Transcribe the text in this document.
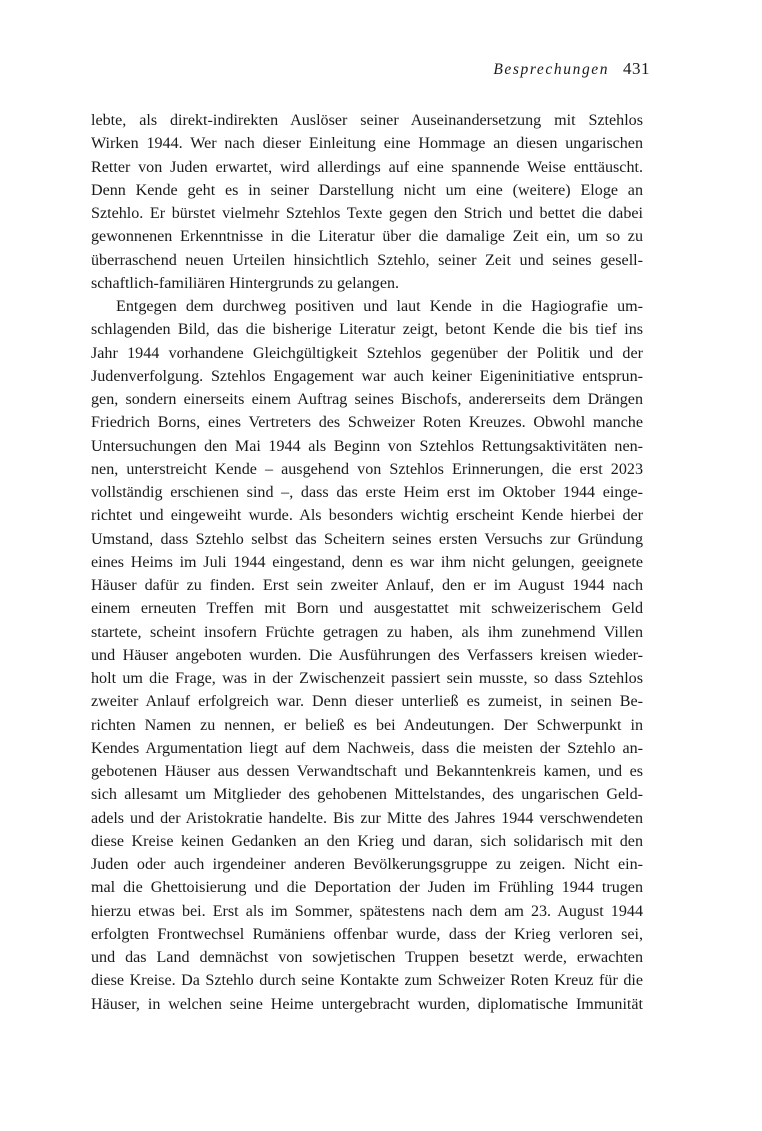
Besprechungen 431
lebte, als direkt-indirekten Auslöser seiner Auseinandersetzung mit Sztehlos
Wirken 1944. Wer nach dieser Einleitung eine Hommage an diesen ungarischen
Retter von Juden erwartet, wird allerdings auf eine spannende Weise enttäuscht.
Denn Kende geht es in seiner Darstellung nicht um eine (weitere) Eloge an
Sztehlo. Er bürstet vielmehr Sztehlos Texte gegen den Strich und bettet die dabei
gewonnenen Erkenntnisse in die Literatur über die damalige Zeit ein, um so zu
überraschend neuen Urteilen hinsichtlich Sztehlo, seiner Zeit und seines gesell-
schaftlich-familiären Hintergrunds zu gelangen.
Entgegen dem durchweg positiven und laut Kende in die Hagiografie um-
schlagenden Bild, das die bisherige Literatur zeigt, betont Kende die bis tief ins
Jahr 1944 vorhandene Gleichgültigkeit Sztehlos gegenüber der Politik und der
Judenverfolgung. Sztehlos Engagement war auch keiner Eigeninitiative entsprun-
gen, sondern einerseits einem Auftrag seines Bischofs, andererseits dem Drängen
Friedrich Borns, eines Vertreters des Schweizer Roten Kreuzes. Obwohl manche
Untersuchungen den Mai 1944 als Beginn von Sztehlos Rettungsaktivitäten nen-
nen, unterstreicht Kende – ausgehend von Sztehlos Erinnerungen, die erst 2023
vollständig erschienen sind –, dass das erste Heim erst im Oktober 1944 einge-
richtet und eingeweiht wurde. Als besonders wichtig erscheint Kende hierbei der
Umstand, dass Sztehlo selbst das Scheitern seines ersten Versuchs zur Gründung
eines Heims im Juli 1944 eingestand, denn es war ihm nicht gelungen, geeignete
Häuser dafür zu finden. Erst sein zweiter Anlauf, den er im August 1944 nach
einem erneuten Treffen mit Born und ausgestattet mit schweizerischem Geld
startete, scheint insofern Früchte getragen zu haben, als ihm zunehmend Villen
und Häuser angeboten wurden. Die Ausführungen des Verfassers kreisen wieder-
holt um die Frage, was in der Zwischenzeit passiert sein musste, so dass Sztehlos
zweiter Anlauf erfolgreich war. Denn dieser unterließ es zumeist, in seinen Be-
richten Namen zu nennen, er beließ es bei Andeutungen. Der Schwerpunkt in
Kendes Argumentation liegt auf dem Nachweis, dass die meisten der Sztehlo an-
gebotenen Häuser aus dessen Verwandtschaft und Bekanntenkreis kamen, und es
sich allesamt um Mitglieder des gehobenen Mittelstandes, des ungarischen Geld-
adels und der Aristokratie handelte. Bis zur Mitte des Jahres 1944 verschwendeten
diese Kreise keinen Gedanken an den Krieg und daran, sich solidarisch mit den
Juden oder auch irgendeiner anderen Bevölkerungsgruppe zu zeigen. Nicht ein-
mal die Ghettoisierung und die Deportation der Juden im Frühling 1944 trugen
hierzu etwas bei. Erst als im Sommer, spätestens nach dem am 23. August 1944
erfolgten Frontwechsel Rumäniens offenbar wurde, dass der Krieg verloren sei,
und das Land demnächst von sowjetischen Truppen besetzt werde, erwachten
diese Kreise. Da Sztehlo durch seine Kontakte zum Schweizer Roten Kreuz für die
Häuser, in welchen seine Heime untergebracht wurden, diplomatische Immunität
